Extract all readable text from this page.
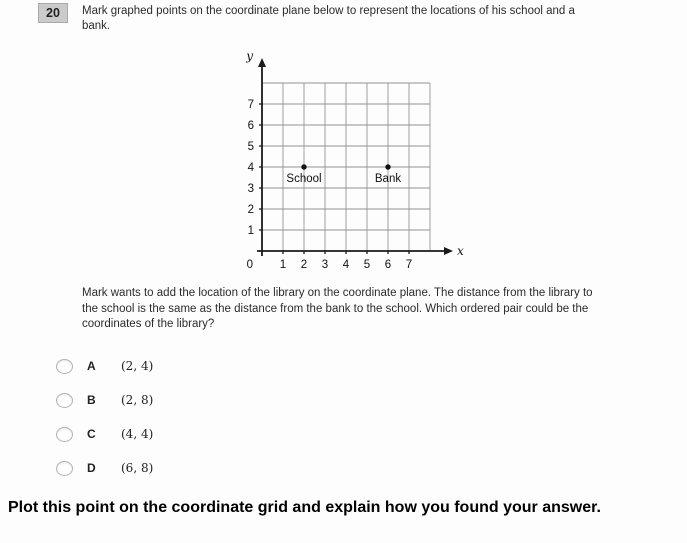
20	Mark graphed points on the coordinate plane below to represent the locations of his school and a bank.
y
x
1
2
3
4
5
6
7
1 2 3 4 5 6 7
0
School	Bank
Mark wants to add the location of the library on the coordinate plane. The distance from the library to the school is the same as the distance from the bank to the school. Which ordered pair could be the coordinates of the library?
A	(2, 4)
B	(2, 8)
C	(4, 4)
D	(6, 8)
Plot this point on the coordinate grid and explain how you found your answer.
